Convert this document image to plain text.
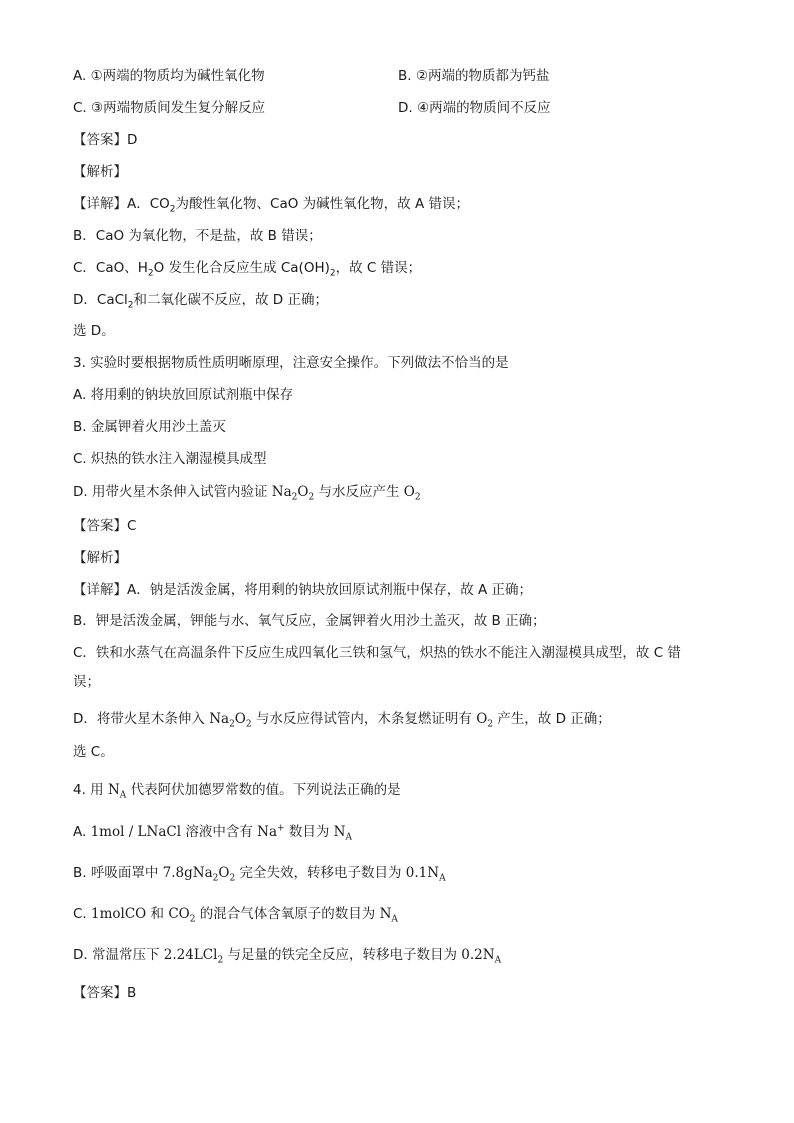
A. ①两端的物质均为碱性氧化物	B. ②两端的物质都为钙盐
C. ③两端物质间发生复分解反应	D. ④两端的物质间不反应
【答案】D
【解析】
【详解】A．$CO_2$为酸性氧化物、CaO 为碱性氧化物，故 A 错误；
B．CaO 为氧化物，不是盐，故 B 错误；
C．CaO、$H_2O$ 发生化合反应生成 $Ca(OH)_2$，故 C 错误；
D．CaCl$_2$和二氧化碳不反应，故 D 正确；
选 D。
3. 实验时要根据物质性质明晰原理，注意安全操作。下列做法不恰当的是
A. 将用剩的钠块放回原试剂瓶中保存
B. 金属钾着火用沙土盖灭
C. 炽热的铁水注入潮湿模具成型
D. 用带火星木条伸入试管内验证 $Na_2O_2$ 与水反应产生 $O_2$
【答案】C
【解析】
【详解】A．钠是活泼金属，将用剩的钠块放回原试剂瓶中保存，故 A 正确；
B．钾是活泼金属，钾能与水、氧气反应，金属钾着火用沙土盖灭，故 B 正确；
C．铁和水蒸气在高温条件下反应生成四氧化三铁和氢气，炽热的铁水不能注入潮湿模具成型，故 C 错
误；
D．将带火星木条伸入 $Na_2O_2$ 与水反应得试管内，木条复燃证明有 $O_2$ 产生，故 D 正确；
选 C。
4. 用 $N_A$ 代表阿伏加德罗常数的值。下列说法正确的是
A. 1mol / LNaCl 溶液中含有 Na+ 数目为 $N_A$
B. 呼吸面罩中 $7.8gNa_2O_2$ 完全失效，转移电子数目为 $0.1N_A$
C. 1molCO 和 $CO_2$ 的混合气体含氧原子的数目为 $N_A$
D. 常温常压下 2.24LCl$_2$ 与足量的铁完全反应，转移电子数目为 $0.2N_A$
【答案】B
